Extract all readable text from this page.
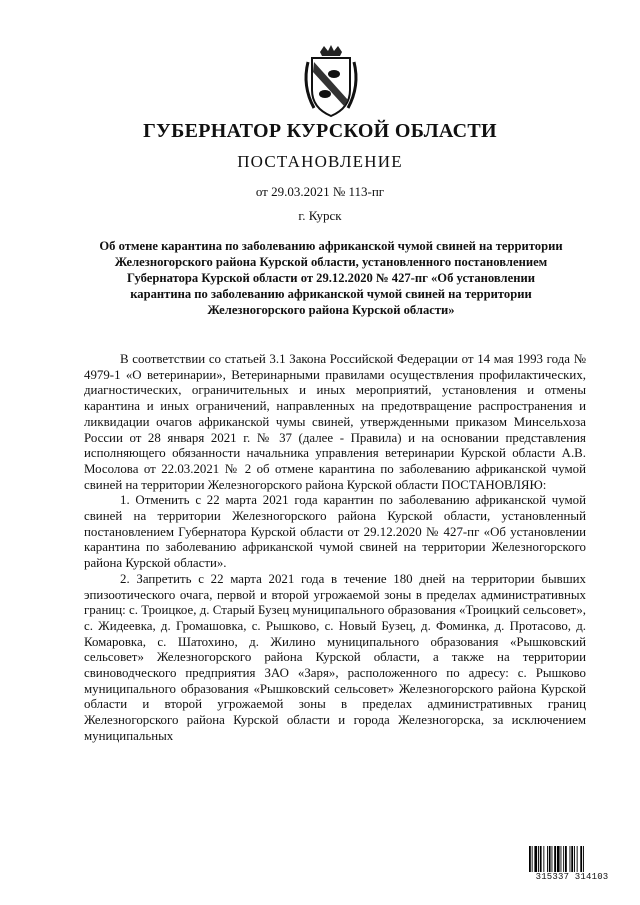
ГУБЕРНАТОР КУРСКОЙ ОБЛАСТИ
ПОСТАНОВЛЕНИЕ
от 29.03.2021 № 113-пг
г. Курск
Об отмене карантина по заболеванию африканской чумой свиней на территории Железногорского района Курской области, установленного постановлением Губернатора Курской области от 29.12.2020 № 427-пг «Об установлении карантина по заболеванию африканской чумой свиней на территории Железногорского района Курской области»

В соответствии со статьей 3.1 Закона Российской Федерации от 14 мая 1993 года № 4979-1 «О ветеринарии», Ветеринарными правилами осуществления профилактических, диагностических, ограничительных и иных мероприятий, установления и отмены карантина и иных ограничений, направленных на предотвращение распространения и ликвидации очагов африканской чумы свиней, утвержденными приказом Минсельхоза России от 28 января 2021 г. № 37 (далее - Правила) и на основании представления исполняющего обязанности начальника управления ветеринарии Курской области А.В. Мосолова от 22.03.2021 № 2 об отмене карантина по заболеванию африканской чумой свиней на территории Железногорского района Курской области ПОСТАНОВЛЯЮ:

1. Отменить с 22 марта 2021 года карантин по заболеванию африканской чумой свиней на территории Железногорского района Курской области, установленный постановлением Губернатора Курской области от 29.12.2020 № 427-пг «Об установлении карантина по заболеванию африканской чумой свиней на территории Железногорского района Курской области».

2. Запретить с 22 марта 2021 года в течение 180 дней на территории бывших эпизоотического очага, первой и второй угрожаемой зоны в пределах административных границ: с. Троицкое, д. Старый Бузец муниципального образования «Троицкий сельсовет», с. Жидеевка, д. Громашовка, с. Рышково, с. Новый Бузец, д. Фоминка, д. Протасово, д. Комаровка, с. Шатохино, д. Жилино муниципального образования «Рышковский сельсовет» Железногорского района Курской области, а также на территории свиноводческого предприятия ЗАО «Заря», расположенного по адресу: с. Рышково муниципального образования «Рышковский сельсовет» Железногорского района Курской области и второй угрожаемой зоны в пределах административных границ Железногорского района Курской области и города Железногорска, за исключением муниципальных

315337 314103
